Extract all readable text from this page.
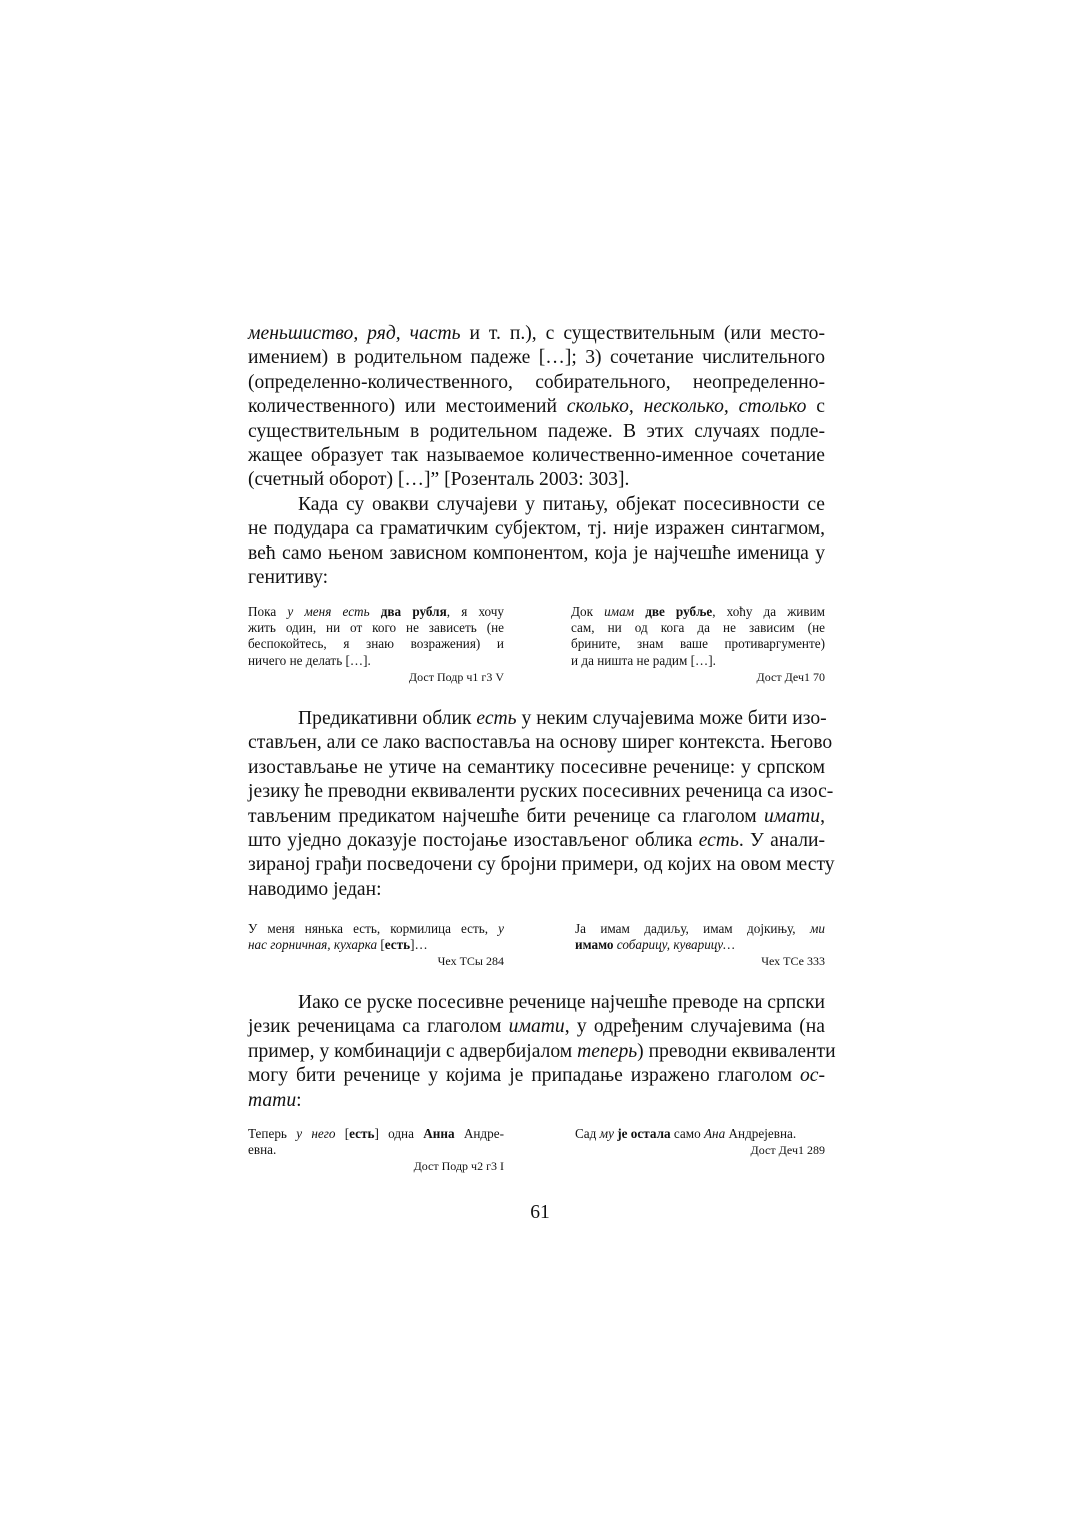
меньшиство, ряд, часть и т. п.), с существительным (или место-
имением) в родительном падеже […]; 3) сочетание числительного
(определенно-количественного, собирательного, неопределенно-
количественного) или местоимений сколько, несколько, столько с
существительным в родительном падеже. В этих случаях подле-
жащее образует так называемое количественно-именное сочетание
(счетный оборот) […]” [Розенталь 2003: 303].
Када су овакви случајеви у питању, објекат посесивности се
не подудара са граматичким субјектом, тј. није изражен синтагмом,
већ само њеном зависном компонентом, која је најчешће именица у
генитиву:
Пока у меня есть два рубля, я хочу
жить один, ни от кого не зависеть (не
беспокойтесь, я знаю возражения) и
ничего не делать […].
Дост Подр ч1 г3 V
Док имам две рубље, хоћу да живим
сам, ни од кога да не зависим (не
брините, знам ваше противаргументе)
и да ништа не радим […].
Дост Деч1 70
Предикативни облик есть у неким случајевима може бити изо-
стављен, али се лако васпоставља на основу ширег контекста. Његово
изостављање не утиче на семантику посесивне реченице: у српском
језику ће преводни еквиваленти руских посесивних реченица са изос-
тављеним предикатом најчешће бити реченице са глаголом имати,
што уједно доказује постојање изостављеног облика есть. У анали-
зираној грађи посведочени су бројни примери, од којих на овом месту
наводимо један:
У меня нянька есть, кормилица есть, у
нас горничная, кухарка [есть]…
Чех ТСы 284
Ја имам дадиљу, имам дојкињу, ми
имамо собарицу, куварицу…
Чех ТСе 333
Иако се руске посесивне реченице најчешће преводе на српски
језик реченицама са глаголом имати, у одређеним случајевима (на
пример, у комбинацији с адвербијалом теперь) преводни еквиваленти
могу бити реченице у којима је припадање изражено глаголом ос-
тати:
Теперь у него [есть] одна Анна Андре-
евна.
Дост Подр ч2 г3 I
Сад му је остала само Ана Андрејевна.
Дост Деч1 289
61
